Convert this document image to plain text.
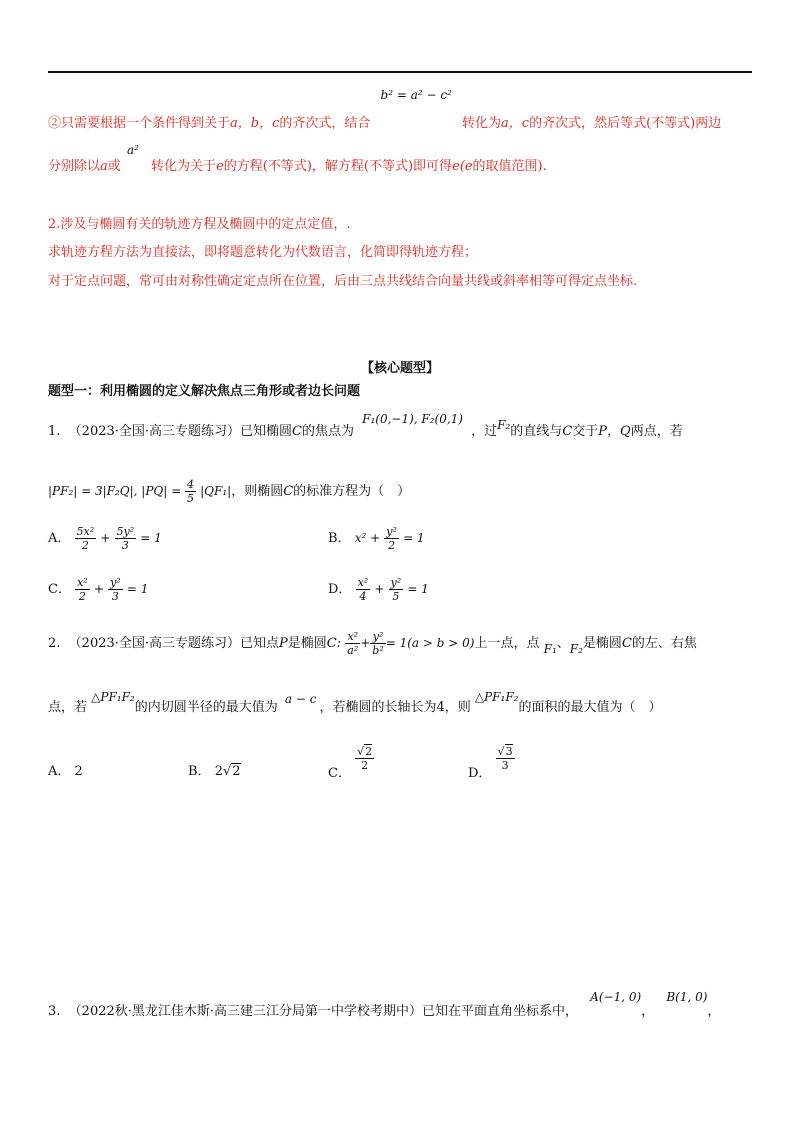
②只需要根据一个条件得到关于a，b，c的齐次式，结合 b² = a² − c² 转化为a，c的齐次式，然后等式(不等式)两边
分别除以a或 a² 转化为关于e的方程(不等式)，解方程(不等式)即可得e(e的取值范围).
2.涉及与椭圆有关的轨迹方程及椭圆中的定点定值，.
求轨迹方程方法为直接法，即将题意转化为代数语言，化简即得轨迹方程；
对于定点问题，常可由对称性确定定点所在位置，后由三点共线结合向量共线或斜率相等可得定点坐标.
【核心题型】
题型一：利用椭圆的定义解决焦点三角形或者边长问题
1. （2023·全国·高三专题练习）已知椭圆C的焦点为 F₁(0,−1), F₂(0,1) ，过F₂的直线与C交于P，Q两点，若
|PF₂| = 3|F₂Q|, $|PQ| = \frac{4}{5} |QF_1|$，则椭圆C的标准方程为（　）
A． $\frac{\text{5x²}}{2} + \frac{\text{5y²}}{3} = 1$	B． $x^2 + \frac{\text{y²}}{2} = 1$
C． $\frac{\text{x²}}{2} + \frac{\text{y²}}{3} = 1$	D． $\frac{\text{x²}}{4} + \frac{\text{y²}}{5} = 1$
2. （2023·全国·高三专题练习）已知点P是椭圆C: $\frac{\text{x²}}{\text{a²}} + \frac{\text{y²}}{\text{b²}} = 1(a > b > 0)$上一点，点 F₁、F₂是椭圆C的左、右焦
点，若 △PF₁F₂的内切圆半径的最大值为 a − c，若椭圆的长轴长为4，则 △PF₁F₂的面积的最大值为（　）
A． 2	B． 2√2	C．
$\frac{√2}{2}$
D．
$\frac{√3}{3}$
3. （2022秋·黑龙江佳木斯·高三建三江分局第一中学校考期中）已知在平面直角坐标系中， A(−1, 0)， B(1, 0)，
